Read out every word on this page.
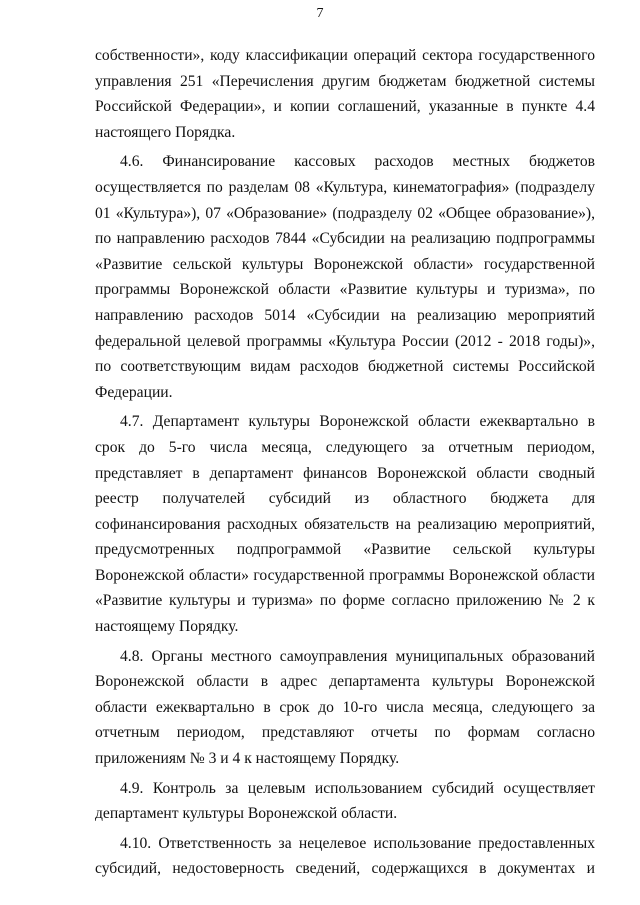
7

собственности», коду классификации операций сектора государственного управления 251 «Перечисления другим бюджетам бюджетной системы Российской Федерации», и копии соглашений, указанные в пункте 4.4 настоящего Порядка.

4.6. Финансирование кассовых расходов местных бюджетов осуществляется по разделам 08 «Культура, кинематография» (подразделу 01 «Культура»), 07 «Образование» (подразделу 02 «Общее образование»), по направлению расходов 7844 «Субсидии на реализацию подпрограммы «Развитие сельской культуры Воронежской области» государственной программы Воронежской области «Развитие культуры и туризма», по направлению расходов 5014 «Субсидии на реализацию мероприятий федеральной целевой программы «Культура России (2012 - 2018 годы)», по соответствующим видам расходов бюджетной системы Российской Федерации.

4.7. Департамент культуры Воронежской области ежеквартально в срок до 5-го числа месяца, следующего за отчетным периодом, представляет в департамент финансов Воронежской области сводный реестр получателей субсидий из областного бюджета для софинансирования расходных обязательств на реализацию мероприятий, предусмотренных подпрограммой «Развитие сельской культуры Воронежской области» государственной программы Воронежской области «Развитие культуры и туризма» по форме согласно приложению № 2 к настоящему Порядку.

4.8. Органы местного самоуправления муниципальных образований Воронежской области в адрес департамента культуры Воронежской области ежеквартально в срок до 10-го числа месяца, следующего за отчетным периодом, представляют отчеты по формам согласно приложениям № 3 и 4 к настоящему Порядку.

4.9. Контроль за целевым использованием субсидий осуществляет департамент культуры Воронежской области.

4.10. Ответственность за нецелевое использование предоставленных субсидий, недостоверность сведений, содержащихся в документах и
